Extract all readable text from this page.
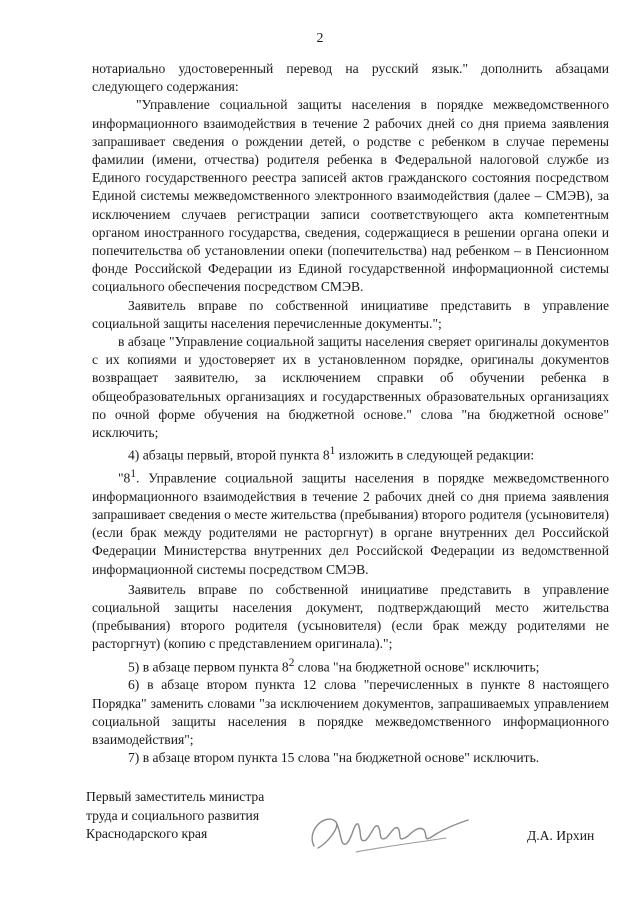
2

нотариально удостоверенный перевод на русский язык." дополнить абзацами следующего содержания:

"Управление социальной защиты населения в порядке межведомственного информационного взаимодействия в течение 2 рабочих дней со дня приема заявления запрашивает сведения о рождении детей, о родстве с ребенком в случае перемены фамилии (имени, отчества) родителя ребенка в Федеральной налоговой службе из Единого государственного реестра записей актов гражданского состояния посредством Единой системы межведомственного электронного взаимодействия (далее – СМЭВ), за исключением случаев регистрации записи соответствующего акта компетентным органом иностранного государства, сведения, содержащиеся в решении органа опеки и попечительства об установлении опеки (попечительства) над ребенком – в Пенсионном фонде Российской Федерации из Единой государственной информационной системы социального обеспечения посредством СМЭВ.

Заявитель вправе по собственной инициативе представить в управление социальной защиты населения перечисленные документы.";

в абзаце "Управление социальной защиты населения сверяет оригиналы документов с их копиями и удостоверяет их в установленном порядке, оригиналы документов возвращает заявителю, за исключением справки об обучении ребенка в общеобразовательных организациях и государственных образовательных организациях по очной форме обучения на бюджетной основе." слова "на бюджетной основе" исключить;

4) абзацы первый, второй пункта $8^1$ изложить в следующей редакции:

"$8^1$. Управление социальной защиты населения в порядке межведомственного информационного взаимодействия в течение 2 рабочих дней со дня приема заявления запрашивает сведения о месте жительства (пребывания) второго родителя (усыновителя) (если брак между родителями не расторгнут) в органе внутренних дел Российской Федерации Министерства внутренних дел Российской Федерации из ведомственной информационной системы посредством СМЭВ.

Заявитель вправе по собственной инициативе представить в управление социальной защиты населения документ, подтверждающий место жительства (пребывания) второго родителя (усыновителя) (если брак между родителями не расторгнут) (копию с представлением оригинала).";

5) в абзаце первом пункта $8^2$ слова "на бюджетной основе" исключить;

6) в абзаце втором пункта 12 слова "перечисленных в пункте 8 настоящего Порядка" заменить словами "за исключением документов, запрашиваемых управлением социальной защиты населения в порядке межведомственного информационного взаимодействия";

7) в абзаце втором пункта 15 слова "на бюджетной основе" исключить.

Первый заместитель министра
труда и социального развития
Краснодарского края	Д.А. Ирхин
